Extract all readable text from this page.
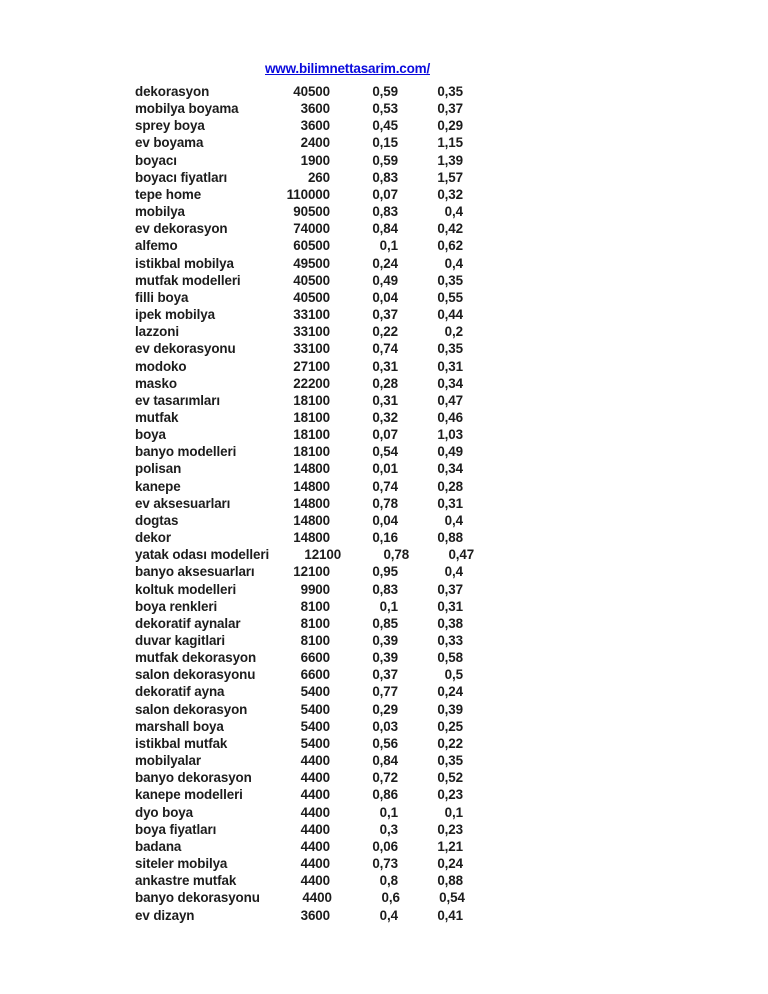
www.bilimnettasarim.com/
dekorasyon	40500	0,59	0,35
mobilya boyama	3600	0,53	0,37
sprey boya	3600	0,45	0,29
ev boyama	2400	0,15	1,15
boyacı	1900	0,59	1,39
boyacı fiyatları	260	0,83	1,57
tepe home	110000	0,07	0,32
mobilya	90500	0,83	0,4
ev dekorasyon	74000	0,84	0,42
alfemo	60500	0,1	0,62
istikbal mobilya	49500	0,24	0,4
mutfak modelleri	40500	0,49	0,35
filli boya	40500	0,04	0,55
ipek mobilya	33100	0,37	0,44
lazzoni	33100	0,22	0,2
ev dekorasyonu	33100	0,74	0,35
modoko	27100	0,31	0,31
masko	22200	0,28	0,34
ev tasarımları	18100	0,31	0,47
mutfak	18100	0,32	0,46
boya	18100	0,07	1,03
banyo modelleri	18100	0,54	0,49
polisan	14800	0,01	0,34
kanepe	14800	0,74	0,28
ev aksesuarları	14800	0,78	0,31
dogtas	14800	0,04	0,4
dekor	14800	0,16	0,88
yatak odası modelleri	12100	0,78	0,47
banyo aksesuarları	12100	0,95	0,4
koltuk modelleri	9900	0,83	0,37
boya renkleri	8100	0,1	0,31
dekoratif aynalar	8100	0,85	0,38
duvar kagitlari	8100	0,39	0,33
mutfak dekorasyon	6600	0,39	0,58
salon dekorasyonu	6600	0,37	0,5
dekoratif ayna	5400	0,77	0,24
salon dekorasyon	5400	0,29	0,39
marshall boya	5400	0,03	0,25
istikbal mutfak	5400	0,56	0,22
mobilyalar	4400	0,84	0,35
banyo dekorasyon	4400	0,72	0,52
kanepe modelleri	4400	0,86	0,23
dyo boya	4400	0,1	0,1
boya fiyatları	4400	0,3	0,23
badana	4400	0,06	1,21
siteler mobilya	4400	0,73	0,24
ankastre mutfak	4400	0,8	0,88
banyo dekorasyonu	4400	0,6	0,54
ev dizayn	3600	0,4	0,41
